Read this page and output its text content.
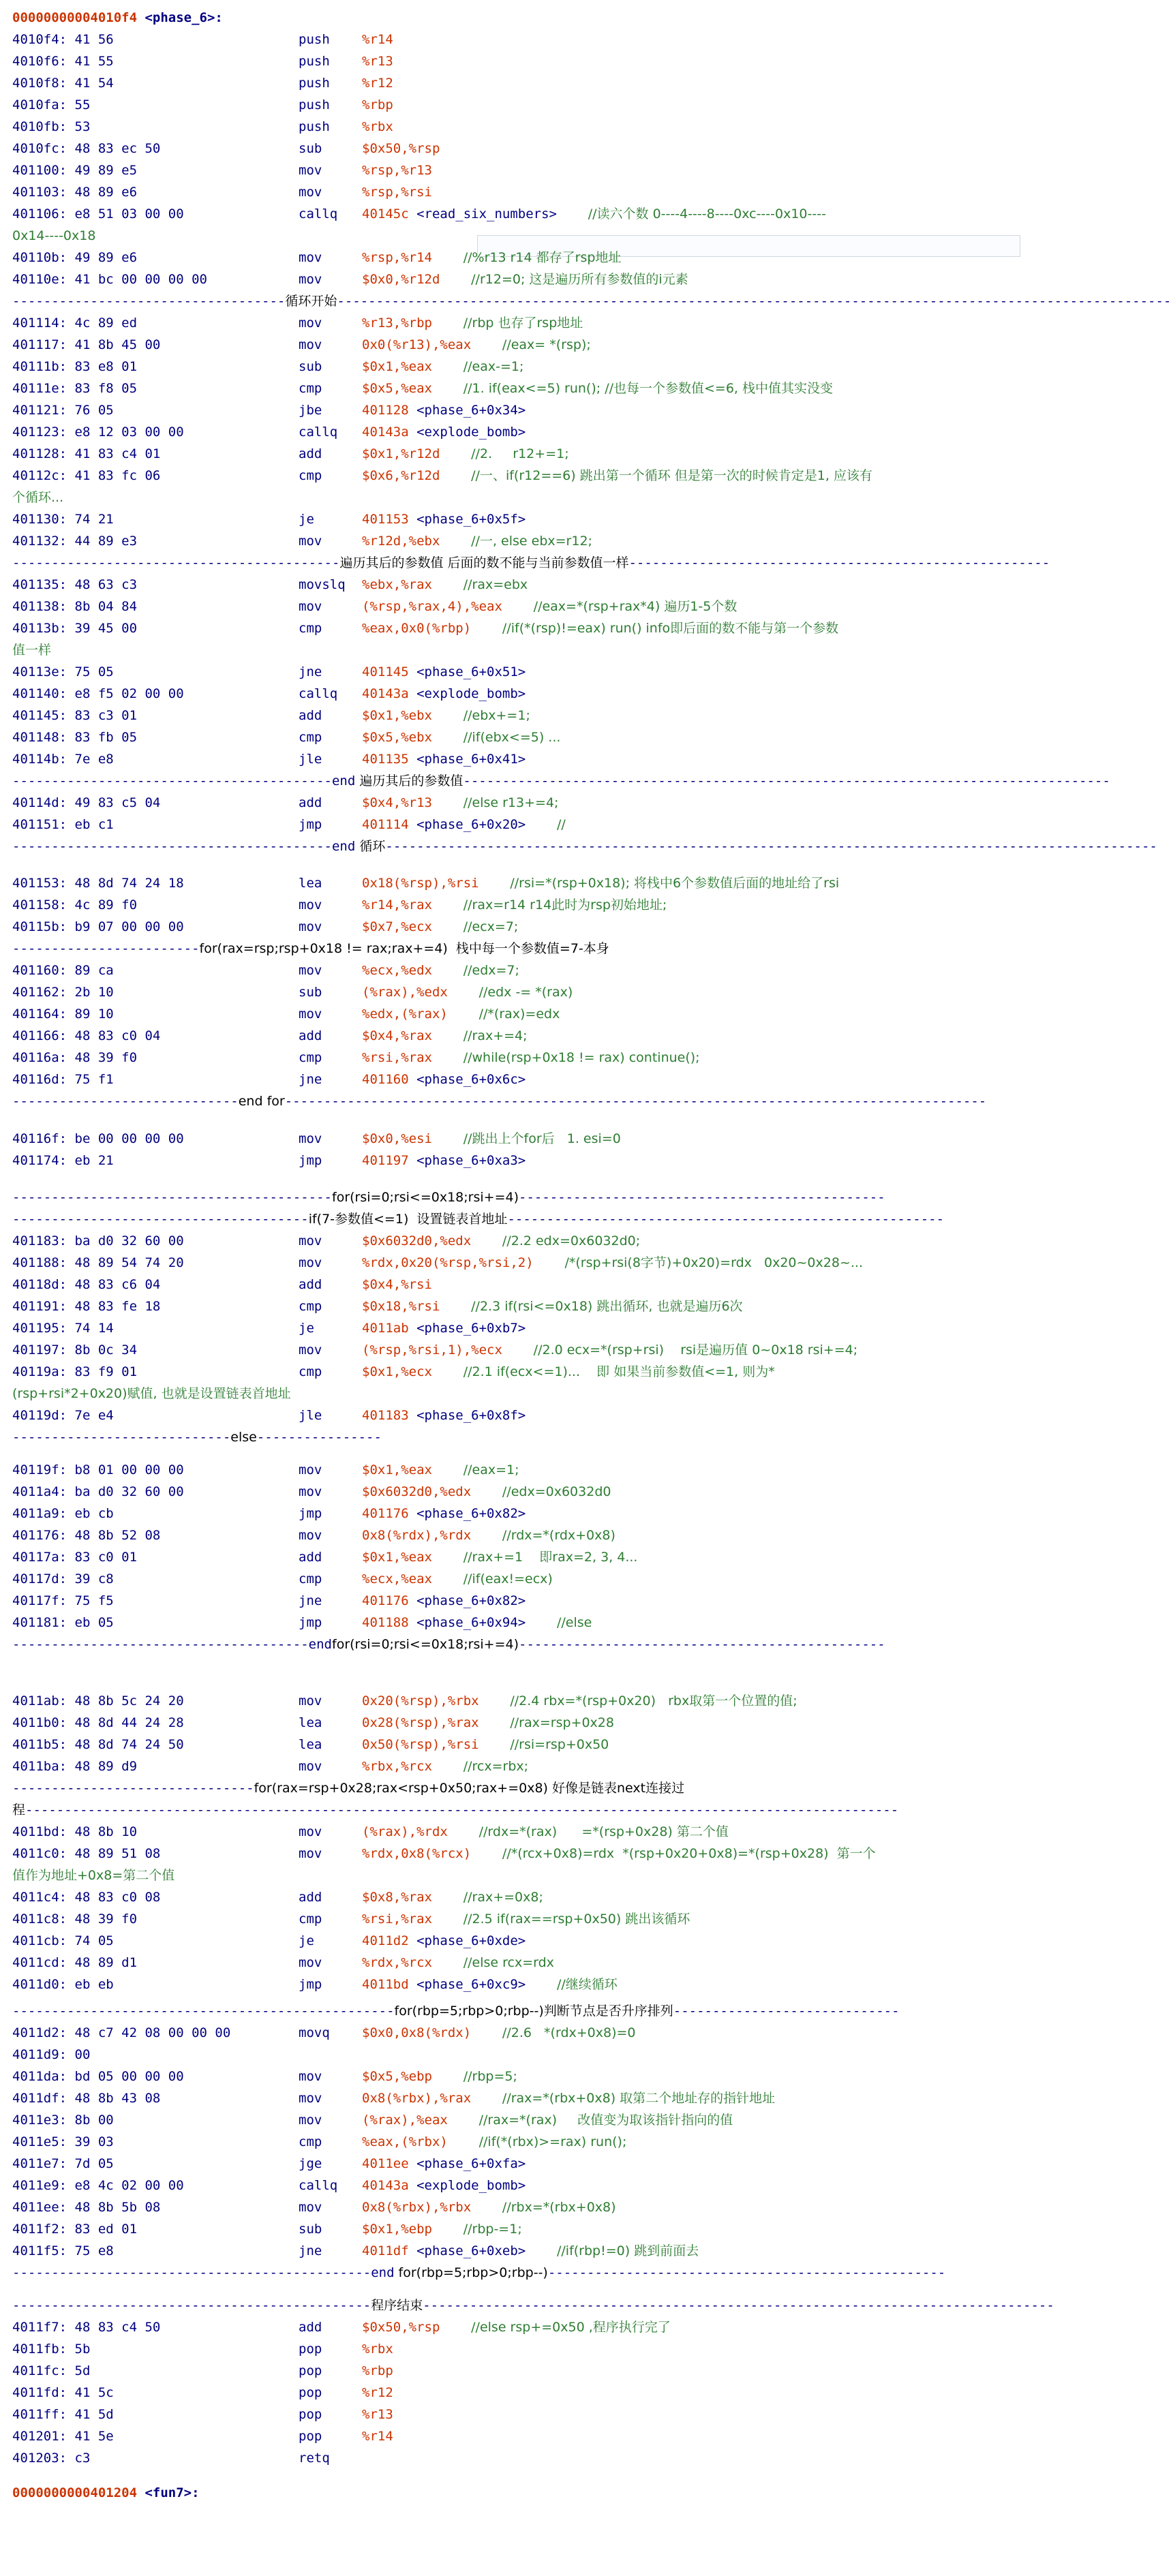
00000000004010f4 <phase_6>:
4010f4: 41 56	push %r14
4010f6: 41 55	push %r13
4010f8: 41 54	push %r12
4010fa: 55	push %rbp
4010fb: 53	push %rbx
4010fc: 48 83 ec 50	sub	$0x50,%rsp
401100: 49 89 e5	mov	%rsp,%r13
401103: 48 89 e6	mov	%rsp,%rsi
401106: e8 51 03 00 00	callq 40145c <read_six_numbers> //读六个数 0----4----8----0xc----0x10----
0x14----0x18
40110b: 49 89 e6	mov	%rsp,%r14 //%r13 r14 都存了rsp地址
40110e: 41 bc 00 00 00 00	mov	$0x0,%r12d //r12=0; 这是遍历所有参数值的i元素
-----------------------------------循环开始-----------------------------------------------------------------------------------------------------------
401114: 4c 89 ed	mov	%r13,%rbp //rbp 也存了rsp地址
401117: 41 8b 45 00	mov	0x0(%r13),%eax //eax= *(rsp);
40111b: 83 e8 01	sub	$0x1,%eax //eax-=1;
40111e: 83 f8 05	cmp	$0x5,%eax //1. if(eax<=5) run(); //也每一个参数值<=6, 栈中值其实没变
401121: 76 05	jbe	401128 <phase_6+0x34>
401123: e8 12 03 00 00	callq 40143a <explode_bomb>
401128: 41 83 c4 01	add	$0x1,%r12d //2.     r12+=1;
40112c: 41 83 fc 06	cmp	$0x6,%r12d //一、if(r12==6) 跳出第一个循环 但是第一次的时候肯定是1, 应该有
个循环...
401130: 74 21	je	401153 <phase_6+0x5f>
401132: 44 89 e3	mov	%r12d,%ebx //一, else ebx=r12;
------------------------------------------遍历其后的参数值 后面的数不能与当前参数值一样------------------------------------------------------
401135: 48 63 c3	movslq %ebx,%rax //rax=ebx
401138: 8b 04 84	mov	(%rsp,%rax,4),%eax //eax=*(rsp+rax*4) 遍历1-5个数
40113b: 39 45 00	cmp	%eax,0x0(%rbp) //if(*(rsp)!=eax) run() info即后面的数不能与第一个参数
值一样
40113e: 75 05	jne	401145 <phase_6+0x51>
401140: e8 f5 02 00 00	callq 40143a <explode_bomb>
401145: 83 c3 01	add	$0x1,%ebx //ebx+=1;
401148: 83 fb 05	cmp	$0x5,%ebx //if(ebx<=5) ...
40114b: 7e e8	jle	401135 <phase_6+0x41>
-----------------------------------------end 遍历其后的参数值-----------------------------------------------------------------------------------
40114d: 49 83 c5 04	add	$0x4,%r13 //else r13+=4;
401151: eb c1	jmp	401114 <phase_6+0x20> //
-----------------------------------------end 循环---------------------------------------------------------------------------------------------------
401153: 48 8d 74 24 18	lea	0x18(%rsp),%rsi //rsi=*(rsp+0x18); 将栈中6个参数值后面的地址给了rsi
401158: 4c 89 f0	mov	%r14,%rax //rax=r14 r14此时为rsp初始地址;
40115b: b9 07 00 00 00	mov	$0x7,%ecx //ecx=7;
------------------------for(rax=rsp;rsp+0x18 != rax;rax+=4)  栈中每一个参数值=7-本身
401160: 89 ca	mov	%ecx,%edx //edx=7;
401162: 2b 10	sub	(%rax),%edx //edx -= *(rax)
401164: 89 10	mov	%edx,(%rax) //*(rax)=edx
401166: 48 83 c0 04	add	$0x4,%rax //rax+=4;
40116a: 48 39 f0	cmp	%rsi,%rax //while(rsp+0x18 != rax) continue();
40116d: 75 f1	jne	401160 <phase_6+0x6c>
-----------------------------end for------------------------------------------------------------------------------------------
40116f: be 00 00 00 00	mov	$0x0,%esi //跳出上个for后   1. esi=0
401174: eb 21	jmp	401197 <phase_6+0xa3>
-----------------------------------------for(rsi=0;rsi<=0x18;rsi+=4)-----------------------------------------------
--------------------------------------if(7-参数值<=1)  设置链表首地址--------------------------------------------------------
401183: ba d0 32 60 00	mov	$0x6032d0,%edx //2.2 edx=0x6032d0;
401188: 48 89 54 74 20	mov	%rdx,0x20(%rsp,%rsi,2) /*(rsp+rsi(8字节)+0x20)=rdx   0x20~0x28~...
40118d: 48 83 c6 04	add	$0x4,%rsi
401191: 48 83 fe 18	cmp	$0x18,%rsi //2.3 if(rsi<=0x18) 跳出循环, 也就是遍历6次
401195: 74 14	je	4011ab <phase_6+0xb7>
401197: 8b 0c 34	mov	(%rsp,%rsi,1),%ecx //2.0 ecx=*(rsp+rsi)    rsi是遍历值 0~0x18 rsi+=4;
40119a: 83 f9 01	cmp	$0x1,%ecx //2.1 if(ecx<=1)...    即 如果当前参数值<=1, 则为*
(rsp+rsi*2+0x20)赋值, 也就是设置链表首地址
40119d: 7e e4	jle	401183 <phase_6+0x8f>
----------------------------else----------------
40119f: b8 01 00 00 00	mov	$0x1,%eax //eax=1;
4011a4: ba d0 32 60 00	mov	$0x6032d0,%edx //edx=0x6032d0
4011a9: eb cb	jmp	401176 <phase_6+0x82>
401176: 48 8b 52 08	mov	0x8(%rdx),%rdx //rdx=*(rdx+0x8)
40117a: 83 c0 01	add	$0x1,%eax //rax+=1    即rax=2, 3, 4...
40117d: 39 c8	cmp	%ecx,%eax //if(eax!=ecx)
40117f: 75 f5	jne	401176 <phase_6+0x82>
401181: eb 05	jmp	401188 <phase_6+0x94> //else
--------------------------------------endfor(rsi=0;rsi<=0x18;rsi+=4)-----------------------------------------------
4011ab: 48 8b 5c 24 20	mov	0x20(%rsp),%rbx //2.4 rbx=*(rsp+0x20)   rbx取第一个位置的值;
4011b0: 48 8d 44 24 28	lea	0x28(%rsp),%rax //rax=rsp+0x28
4011b5: 48 8d 74 24 50	lea	0x50(%rsp),%rsi //rsi=rsp+0x50
4011ba: 48 89 d9	mov	%rbx,%rcx //rcx=rbx;
-------------------------------for(rax=rsp+0x28;rax<rsp+0x50;rax+=0x8) 好像是链表next连接过
程----------------------------------------------------------------------------------------------------------------
4011bd: 48 8b 10	mov	(%rax),%rdx //rdx=*(rax)      =*(rsp+0x28) 第二个值
4011c0: 48 89 51 08	mov	%rdx,0x8(%rcx) //*(rcx+0x8)=rdx  *(rsp+0x20+0x8)=*(rsp+0x28)  第一个
值作为地址+0x8=第二个值
4011c4: 48 83 c0 08	add	$0x8,%rax //rax+=0x8;
4011c8: 48 39 f0	cmp	%rsi,%rax //2.5 if(rax==rsp+0x50) 跳出该循环
4011cb: 74 05	je	4011d2 <phase_6+0xde>
4011cd: 48 89 d1	mov	%rdx,%rcx //else rcx=rdx
4011d0: eb eb	jmp	4011bd <phase_6+0xc9> //继续循环
-------------------------------------------------for(rbp=5;rbp>0;rbp--)判断节点是否升序排列-----------------------------
4011d2: 48 c7 42 08 00 00 00	movq $0x0,0x8(%rdx) //2.6   *(rdx+0x8)=0
4011d9: 00
4011da: bd 05 00 00 00	mov	$0x5,%ebp //rbp=5;
4011df: 48 8b 43 08	mov	0x8(%rbx),%rax //rax=*(rbx+0x8) 取第二个地址存的指针地址
4011e3: 8b 00	mov	(%rax),%eax //rax=*(rax)     改值变为取该指针指向的值
4011e5: 39 03	cmp	%eax,(%rbx) //if(*(rbx)>=rax) run();
4011e7: 7d 05	jge	4011ee <phase_6+0xfa>
4011e9: e8 4c 02 00 00	callq 40143a <explode_bomb>
4011ee: 48 8b 5b 08	mov	0x8(%rbx),%rbx //rbx=*(rbx+0x8)
4011f2: 83 ed 01	sub	$0x1,%ebp //rbp-=1;
4011f5: 75 e8	jne	4011df <phase_6+0xeb> //if(rbp!=0) 跳到前面去
----------------------------------------------end for(rbp=5;rbp>0;rbp--)---------------------------------------------------
----------------------------------------------程序结束---------------------------------------------------------------------------------
4011f7: 48 83 c4 50	add	$0x50,%rsp //else rsp+=0x50 ,程序执行完了
4011fb: 5b	pop	%rbx
4011fc: 5d	pop	%rbp
4011fd: 41 5c	pop	%r12
4011ff: 41 5d	pop	%r13
401201: 41 5e	pop	%r14
401203: c3	retq
0000000000401204 <fun7>:
